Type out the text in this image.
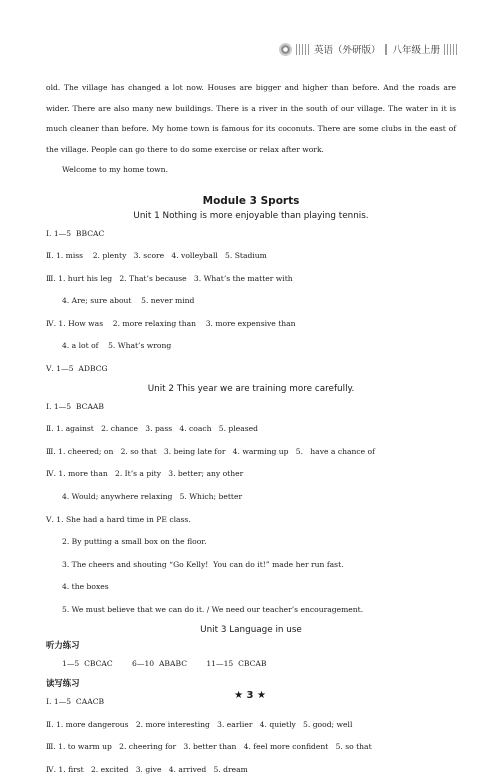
英语（外研版） 八年级上册

old. The village has changed a lot now. Houses are bigger and higher than before. And the roads are wider. There are also many new buildings. There is a river in the south of our village. The water in it is much cleaner than before. My home town is famous for its coconuts. There are some clubs in the east of the village. People can go there to do some exercise or relax after work.

Welcome to my home town.

Module 3 Sports
Unit 1 Nothing is more enjoyable than playing tennis.
Ⅰ. 1—5  BBCAC
Ⅱ. 1. miss    2. plenty   3. score   4. volleyball   5. Stadium
Ⅲ. 1. hurt his leg   2. That’s because   3. What’s the matter with
4. Are; sure about    5. never mind
Ⅳ. 1. How was    2. more relaxing than    3. more expensive than
4. a lot of    5. What’s wrong
Ⅴ. 1—5  ADBCG
Unit 2 This year we are training more carefully.
Ⅰ. 1—5  BCAAB
Ⅱ. 1. against   2. chance   3. pass   4. coach   5. pleased
Ⅲ. 1. cheered; on   2. so that   3. being late for   4. warming up   5.   have a chance of
Ⅳ. 1. more than   2. It’s a pity   3. better; any other
4. Would; anywhere relaxing   5. Which; better
Ⅴ. 1. She had a hard time in PE class.
2. By putting a small box on the floor.
3. The cheers and shouting “Go Kelly!  You can do it!” made her run fast.
4. the boxes
5. We must believe that we can do it. / We need our teacher’s encouragement.
Unit 3 Language in use
听力练习
1—5  CBCAC        6—10  ABABC        11—15  CBCAB
读写练习
Ⅰ. 1—5  CAACB
Ⅱ. 1. more dangerous   2. more interesting   3. earlier   4. quietly   5. good; well
Ⅲ. 1. to warm up   2. cheering for   3. better than   4. feel more confident   5. so that
Ⅳ. 1. first   2. excited   3. give   4. arrived   5. dream
★ 3 ★
